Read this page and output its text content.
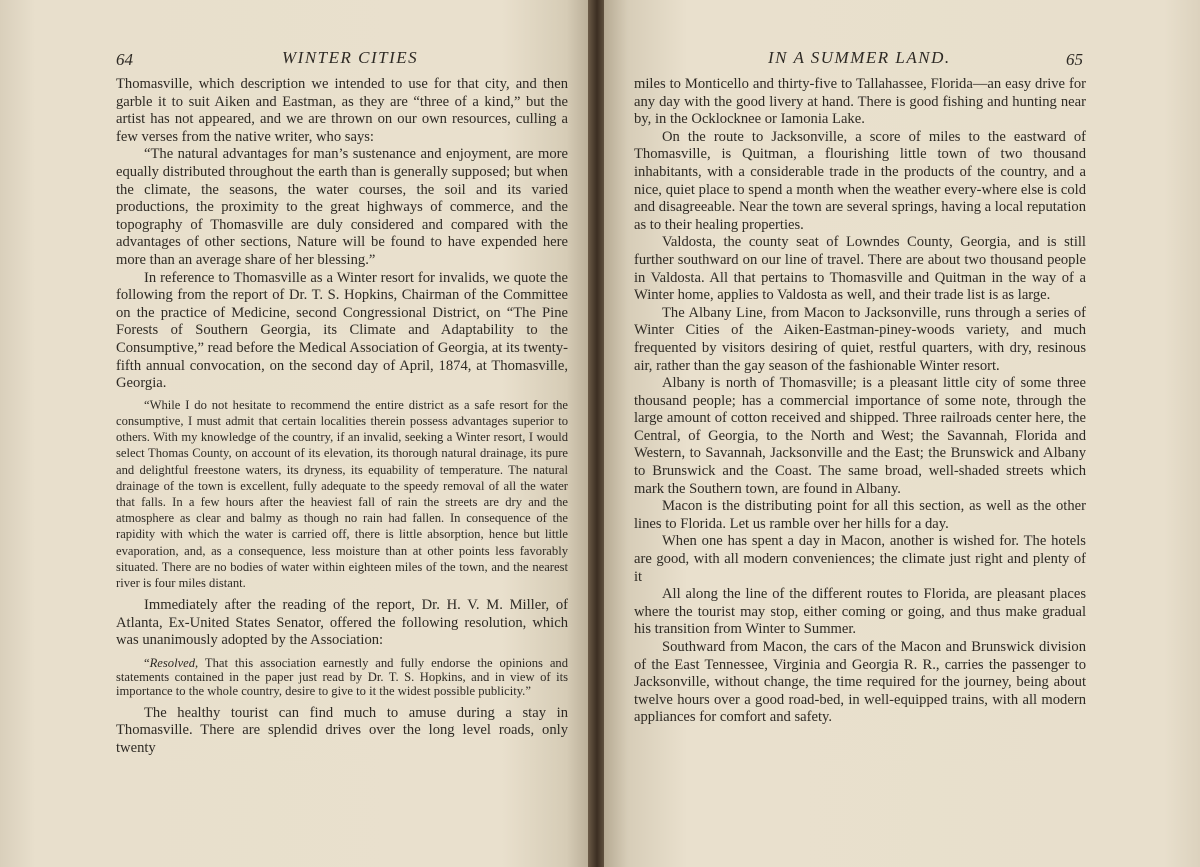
64	WINTER CITIES

Thomasville, which description we intended to use for that city, and then garble it to suit Aiken and Eastman, as they are “three of a kind,” but the artist has not appeared, and we are thrown on our own resources, culling a few verses from the native writer, who says:

“The natural advantages for man’s sustenance and enjoyment, are more equally distributed throughout the earth than is generally supposed; but when the climate, the seasons, the water courses, the soil and its varied productions, the proximity to the great highways of commerce, and the topography of Thomasville are duly considered and compared with the advantages of other sections, Nature will be found to have expended here more than an average share of her blessing.”

In reference to Thomasville as a Winter resort for invalids, we quote the following from the report of Dr. T. S. Hopkins, Chairman of the Committee on the practice of Medicine, second Congressional District, on “The Pine Forests of Southern Georgia, its Climate and Adaptability to the Consumptive,” read before the Medical Association of Georgia, at its twenty-fifth annual convocation, on the second day of April, 1874, at Thomasville, Georgia.

“While I do not hesitate to recommend the entire district as a safe resort for the consumptive, I must admit that certain localities therein possess advantages superior to others. With my knowledge of the country, if an invalid, seeking a Winter resort, I would select Thomas County, on account of its elevation, its thorough natural drainage, its pure and delightful freestone waters, its dryness, its equability of temperature. The natural drainage of the town is excellent, fully adequate to the speedy removal of all the water that falls. In a few hours after the heaviest fall of rain the streets are dry and the atmosphere as clear and balmy as though no rain had fallen. In consequence of the rapidity with which the water is carried off, there is little absorption, hence but little evaporation, and, as a consequence, less moisture than at other points less favorably situated. There are no bodies of water within eighteen miles of the town, and the nearest river is four miles distant.

Immediately after the reading of the report, Dr. H. V. M. Miller, of Atlanta, Ex-United States Senator, offered the following resolution, which was unanimously adopted by the Association:

“Resolved, That this association earnestly and fully endorse the opinions and statements contained in the paper just read by Dr. T. S. Hopkins, and in view of its importance to the whole country, desire to give to it the widest possible publicity.”

The healthy tourist can find much to amuse during a stay in Thomasville. There are splendid drives over the long level roads, only twenty

IN A SUMMER LAND.	65

miles to Monticello and thirty-five to Tallahassee, Florida—an easy drive for any day with the good livery at hand. There is good fishing and hunting near by, in the Ocklocknee or Iamonia Lake.

On the route to Jacksonville, a score of miles to the eastward of Thomasville, is Quitman, a flourishing little town of two thousand inhabitants, with a considerable trade in the products of the country, and a nice, quiet place to spend a month when the weather every-where else is cold and disagreeable. Near the town are several springs, having a local reputation as to their healing properties.

Valdosta, the county seat of Lowndes County, Georgia, and is still further southward on our line of travel. There are about two thousand people in Valdosta. All that pertains to Thomasville and Quitman in the way of a Winter home, applies to Valdosta as well, and their trade list is as large.

The Albany Line, from Macon to Jacksonville, runs through a series of Winter Cities of the Aiken-Eastman-piney-woods variety, and much frequented by visitors desiring of quiet, restful quarters, with dry, resinous air, rather than the gay season of the fashionable Winter resort.

Albany is north of Thomasville; is a pleasant little city of some three thousand people; has a commercial importance of some note, through the large amount of cotton received and shipped. Three railroads center here, the Central, of Georgia, to the North and West; the Savannah, Florida and Western, to Savannah, Jacksonville and the East; the Brunswick and Albany to Brunswick and the Coast. The same broad, well-shaded streets which mark the Southern town, are found in Albany.

Macon is the distributing point for all this section, as well as the other lines to Florida. Let us ramble over her hills for a day.

When one has spent a day in Macon, another is wished for. The hotels are good, with all modern conveniences; the climate just right and plenty of it

All along the line of the different routes to Florida, are pleasant places where the tourist may stop, either coming or going, and thus make gradual his transition from Winter to Summer.

Southward from Macon, the cars of the Macon and Brunswick division of the East Tennessee, Virginia and Georgia R. R., carries the passenger to Jacksonville, without change, the time required for the journey, being about twelve hours over a good road-bed, in well-equipped trains, with all modern appliances for comfort and safety.
